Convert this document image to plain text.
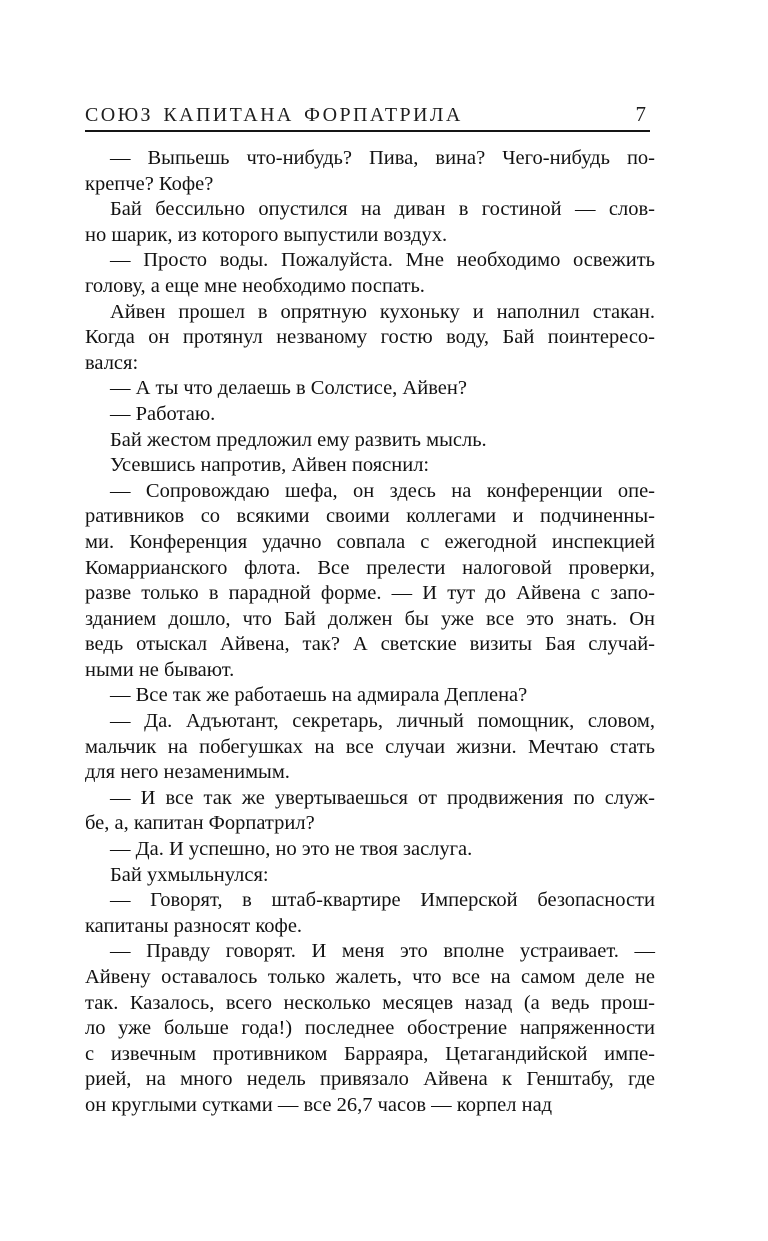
СОЮЗ КАПИТАНА ФОРПАТРИЛА	7

— Выпьешь что-нибудь? Пива, вина? Чего-нибудь по-
крепче? Кофе?

Бай бессильно опустился на диван в гостиной — слов-
но шарик, из которого выпустили воздух.

— Просто воды. Пожалуйста. Мне необходимо освежить
голову, а еще мне необходимо поспать.

Айвен прошел в опрятную кухоньку и наполнил стакан.
Когда он протянул незваному гостю воду, Бай поинтересо-
вался:

— А ты что делаешь в Солстисе, Айвен?

— Работаю.

Бай жестом предложил ему развить мысль.

Усевшись напротив, Айвен пояснил:

— Сопровождаю шефа, он здесь на конференции опе-
ративников со всякими своими коллегами и подчиненны-
ми. Конференция удачно совпала с ежегодной инспекцией
Комаррианского флота. Все прелести налоговой проверки,
разве только в парадной форме. — И тут до Айвена с запо-
зданием дошло, что Бай должен бы уже все это знать. Он
ведь отыскал Айвена, так? А светские визиты Бая случай-
ными не бывают.

— Все так же работаешь на адмирала Деплена?

— Да. Адъютант, секретарь, личный помощник, словом,
мальчик на побегушках на все случаи жизни. Мечтаю стать
для него незаменимым.

— И все так же увертываешься от продвижения по служ-
бе, а, капитан Форпатрил?

— Да. И успешно, но это не твоя заслуга.

Бай ухмыльнулся:

— Говорят, в штаб-квартире Имперской безопасности
капитаны разносят кофе.

— Правду говорят. И меня это вполне устраивает. —
Айвену оставалось только жалеть, что все на самом деле не
так. Казалось, всего несколько месяцев назад (а ведь прош-
ло уже больше года!) последнее обострение напряженности
с извечным противником Барраяра, Цетагандийской импе-
рией, на много недель привязало Айвена к Генштабу, где
он круглыми сутками — все 26,7 часов — корпел над
